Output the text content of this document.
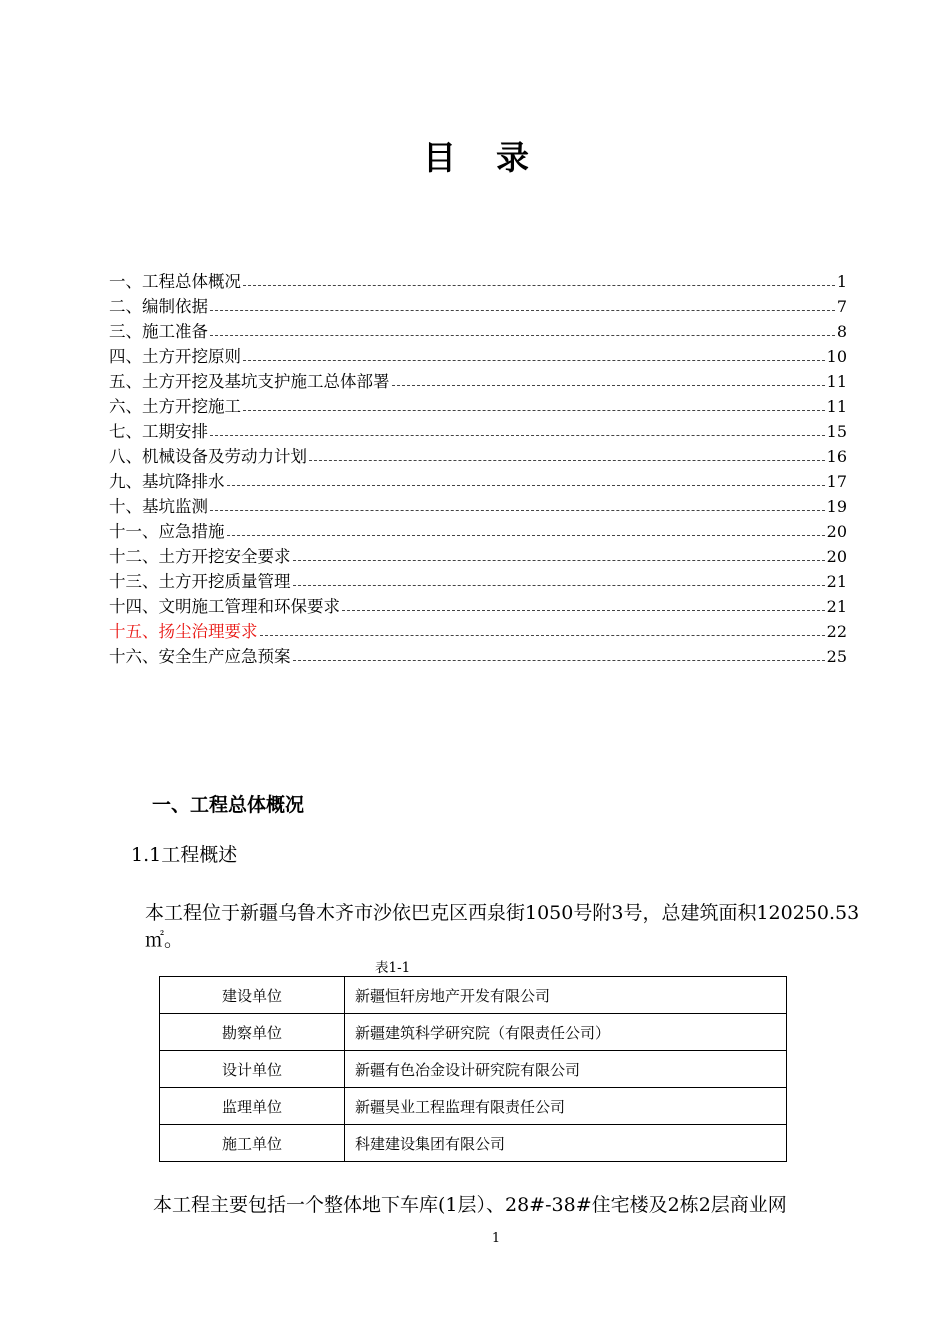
目录
一、工程总体概况	1
二、编制依据	7
三、施工准备	8
四、土方开挖原则	10
五、土方开挖及基坑支护施工总体部署	11
六、土方开挖施工	11
七、工期安排	15
八、机械设备及劳动力计划	16
九、基坑降排水	17
十、基坑监测	19
十一、应急措施	20
十二、土方开挖安全要求	20
十三、土方开挖质量管理	21
十四、文明施工管理和环保要求	21
十五、扬尘治理要求	22
十六、安全生产应急预案	25
一、工程总体概况
1.1工程概述
本工程位于新疆乌鲁木齐市沙依巴克区西泉街1050号附3号，总建筑面积120250.53㎡。
表1-1
建设单位	新疆恒轩房地产开发有限公司
勘察单位	新疆建筑科学研究院（有限责任公司）
设计单位	新疆有色冶金设计研究院有限公司
监理单位	新疆昊业工程监理有限责任公司
施工单位	科建建设集团有限公司
本工程主要包括一个整体地下车库(1层）、28#-38#住宅楼及2栋2层商业网
1
